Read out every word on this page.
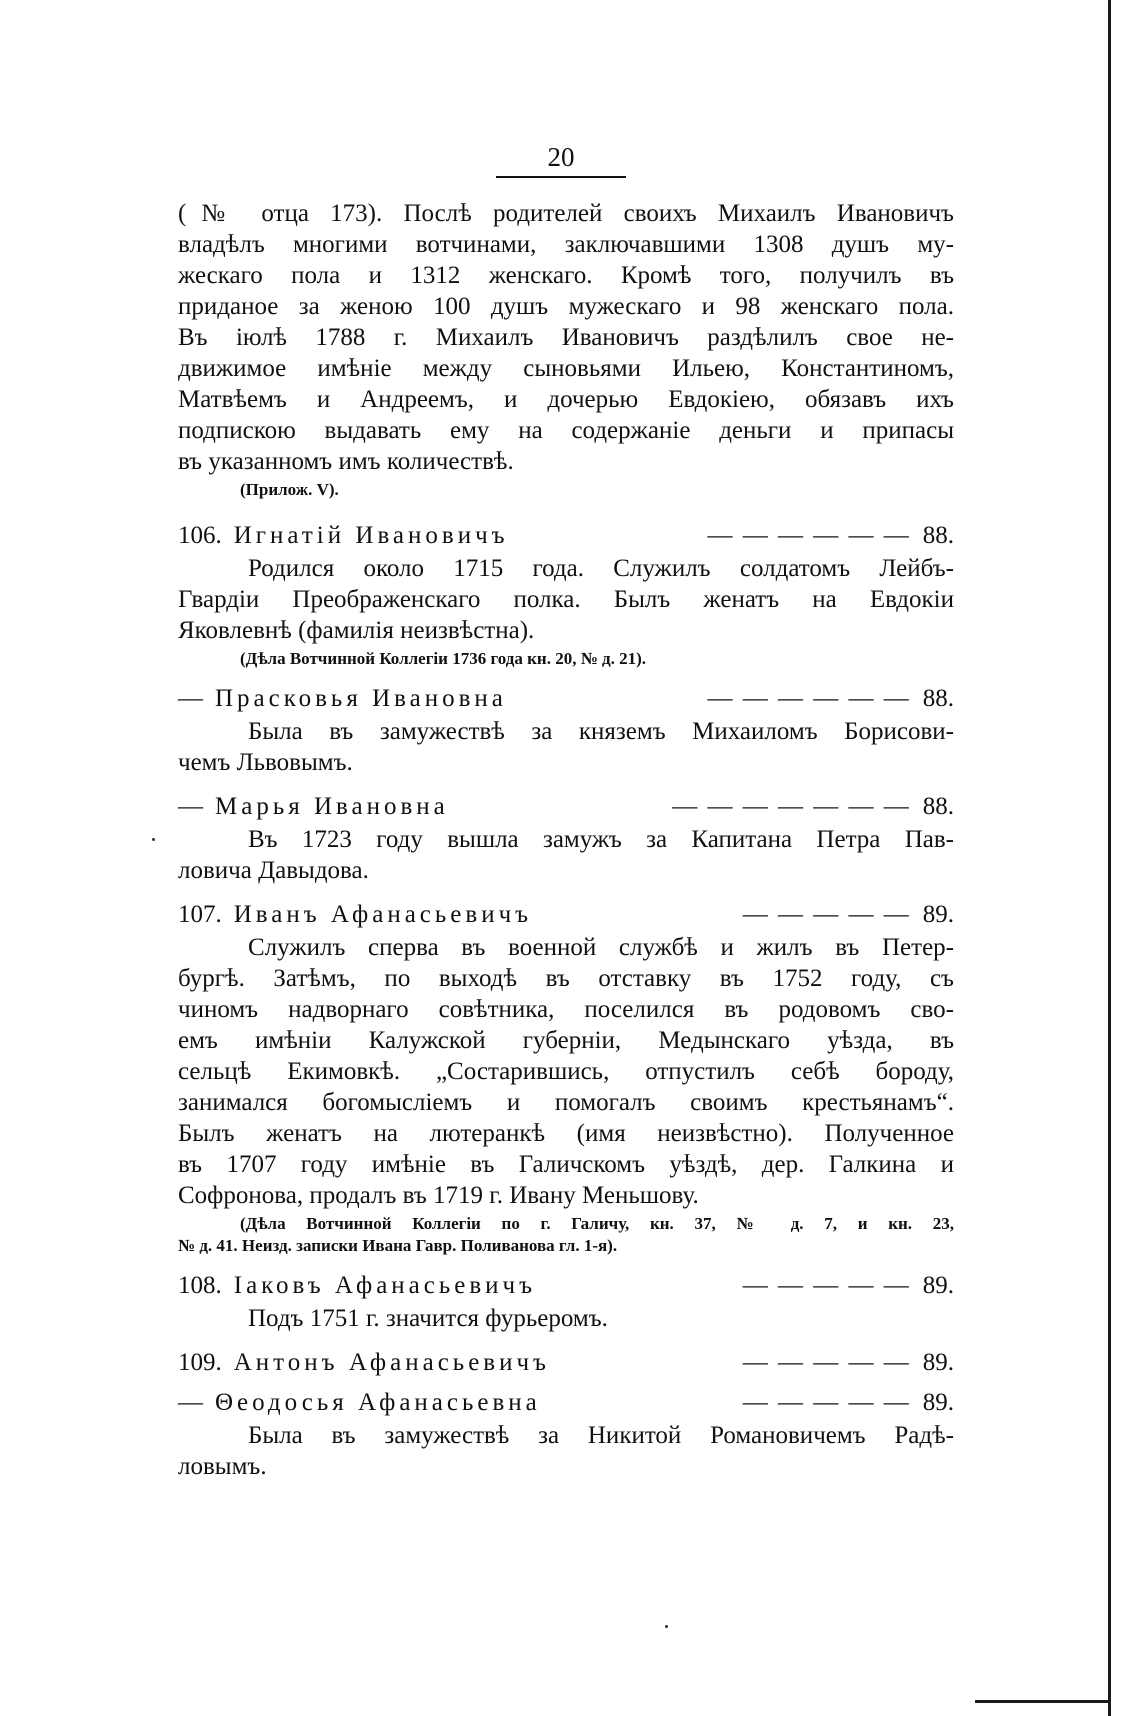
20
(№ отца 173). Послѣ родителей своихъ Михаилъ Ивановичъ
владѣлъ многими вотчинами, заключавшими 1308 душъ му-
жескаго пола и 1312 женскаго. Кромѣ того, получилъ въ
приданое за женою 100 душъ мужескаго и 98 женскаго пола.
Въ іюлѣ 1788 г. Михаилъ Ивановичъ раздѣлилъ свое не-
движимое имѣніе между сыновьями Ильею, Константиномъ,
Матвѣемъ и Андреемъ, и дочерью Евдокіею, обязавъ ихъ
подпискою выдавать ему на содержаніе деньги и припасы
въ указанномъ имъ количествѣ.
(Прилож. V).
106. Игнатій Ивановичъ	— — — — — — 88.
Родился около 1715 года. Служилъ солдатомъ Лейбъ-
Гвардіи Преображенскаго полка. Былъ женатъ на Евдокіи
Яковлевнѣ (фамилія неизвѣстна).
(Дѣла Вотчинной Коллегіи 1736 года кн. 20, № д. 21).
— Прасковья Ивановна	— — — — — — 88.
Была въ замужествѣ за княземъ Михаиломъ Борисови-
чемъ Львовымъ.
— Марья Ивановна	— — — — — — — 88.
Въ 1723 году вышла замужъ за Капитана Петра Пав-
ловича Давыдова.
107. Иванъ Афанасьевичъ	— — — — — 89.
Служилъ сперва въ военной службѣ и жилъ въ Петер-
бургѣ. Затѣмъ, по выходѣ въ отставку въ 1752 году, съ
чиномъ надворнаго совѣтника, поселился въ родовомъ сво-
емъ имѣніи Калужской губерніи, Медынскаго уѣзда, въ
сельцѣ Екимовкѣ. „Состарившись, отпустилъ себѣ бороду,
занимался богомысліемъ и помогалъ своимъ крестьянамъ“.
Былъ женатъ на лютеранкѣ (имя неизвѣстно). Полученное
въ 1707 году имѣніе въ Галичскомъ уѣздѣ, дер. Галкина и
Софронова, продалъ въ 1719 г. Ивану Меньшову.
(Дѣла Вотчинной Коллегіи по г. Галичу, кн. 37, № д. 7, и кн. 23,
№ д. 41. Неизд. записки Ивана Гавр. Поливанова гл. 1-я).
108. Іаковъ Афанасьевичъ	— — — — — 89.
Подъ 1751 г. значится фурьеромъ.
109. Антонъ Афанасьевичъ	— — — — — 89.
— Θеодосья Афанасьевна	— — — — — 89.
Была въ замужествѣ за Никитой Романовичемъ Радѣ-
ловымъ.
